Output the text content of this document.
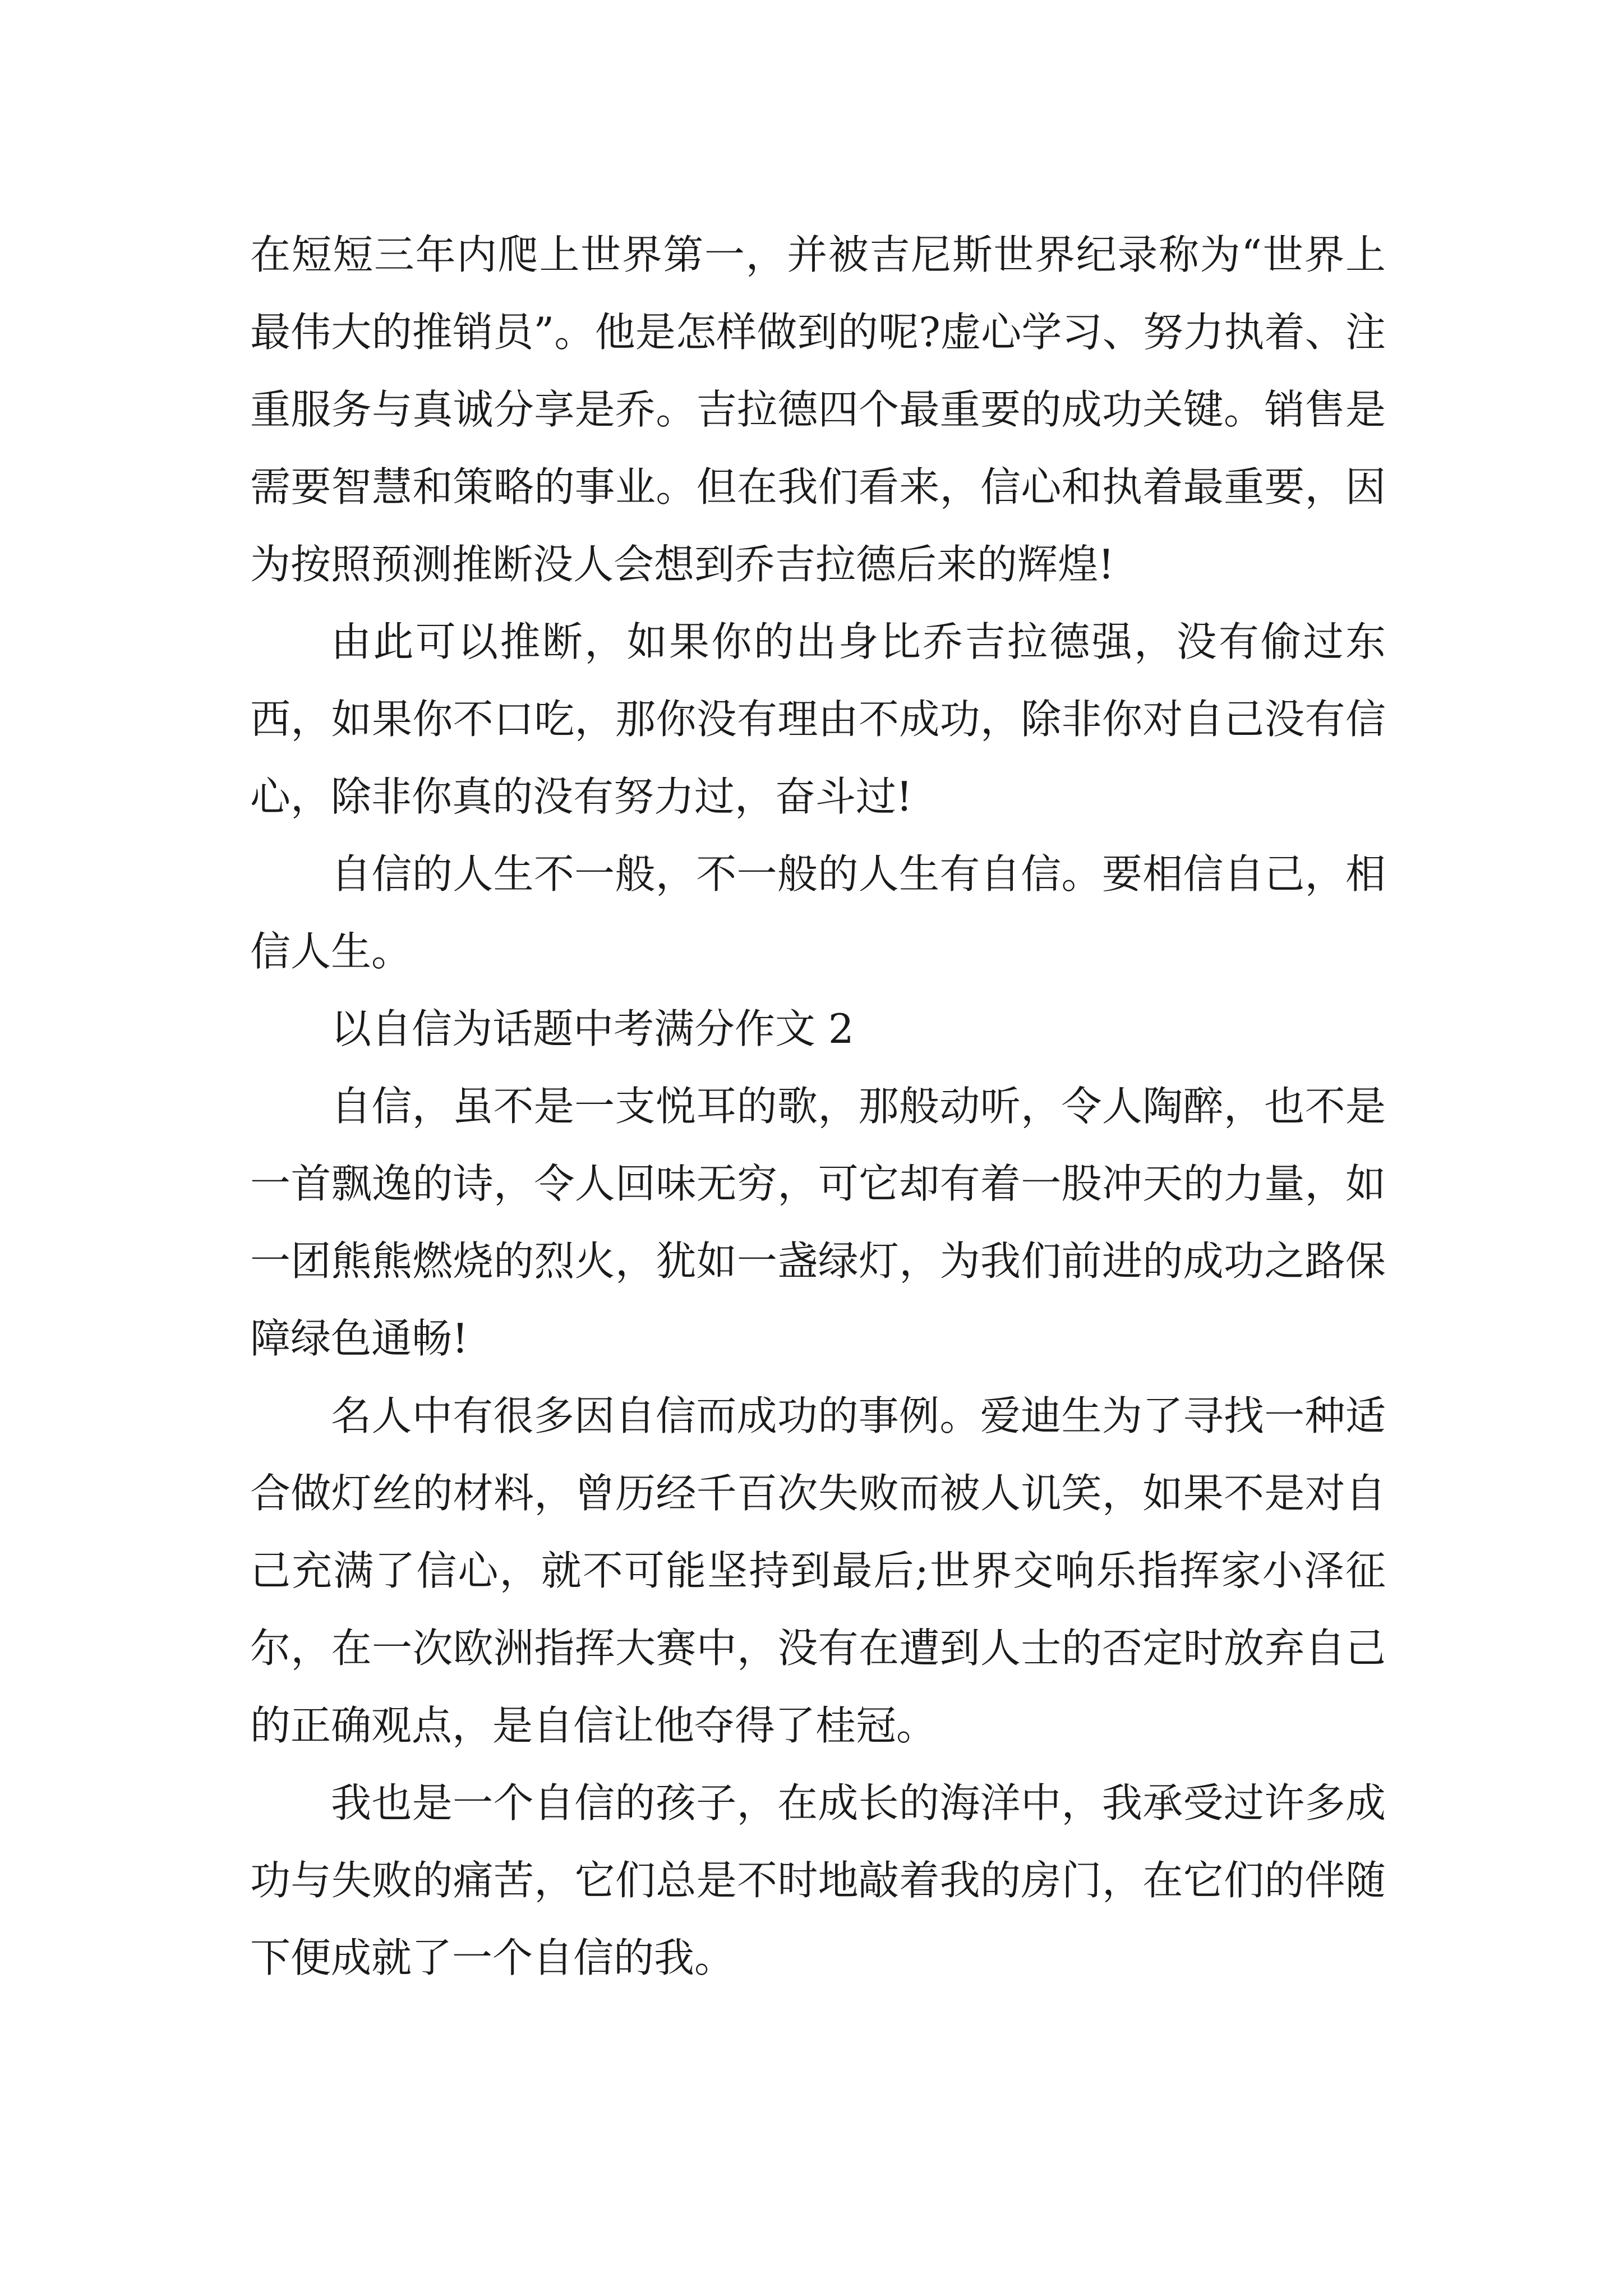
在短短三年内爬上世界第一，并被吉尼斯世界纪录称为“世界上最伟大的推销员”。他是怎样做到的呢?虚心学习、努力执着、注重服务与真诚分享是乔。吉拉德四个最重要的成功关键。销售是需要智慧和策略的事业。但在我们看来，信心和执着最重要，因为按照预测推断没人会想到乔吉拉德后来的辉煌!

由此可以推断，如果你的出身比乔吉拉德强，没有偷过东西，如果你不口吃，那你没有理由不成功，除非你对自己没有信心，除非你真的没有努力过，奋斗过!

自信的人生不一般，不一般的人生有自信。要相信自己，相信人生。

以自信为话题中考满分作文 2

自信，虽不是一支悦耳的歌，那般动听，令人陶醉，也不是一首飘逸的诗，令人回味无穷，可它却有着一股冲天的力量，如一团熊熊燃烧的烈火，犹如一盏绿灯，为我们前进的成功之路保障绿色通畅!

名人中有很多因自信而成功的事例。爱迪生为了寻找一种适合做灯丝的材料，曾历经千百次失败而被人讥笑，如果不是对自己充满了信心，就不可能坚持到最后;世界交响乐指挥家小泽征尔，在一次欧洲指挥大赛中，没有在遭到人士的否定时放弃自己的正确观点，是自信让他夺得了桂冠。

我也是一个自信的孩子，在成长的海洋中，我承受过许多成功与失败的痛苦，它们总是不时地敲着我的房门，在它们的伴随下便成就了一个自信的我。
